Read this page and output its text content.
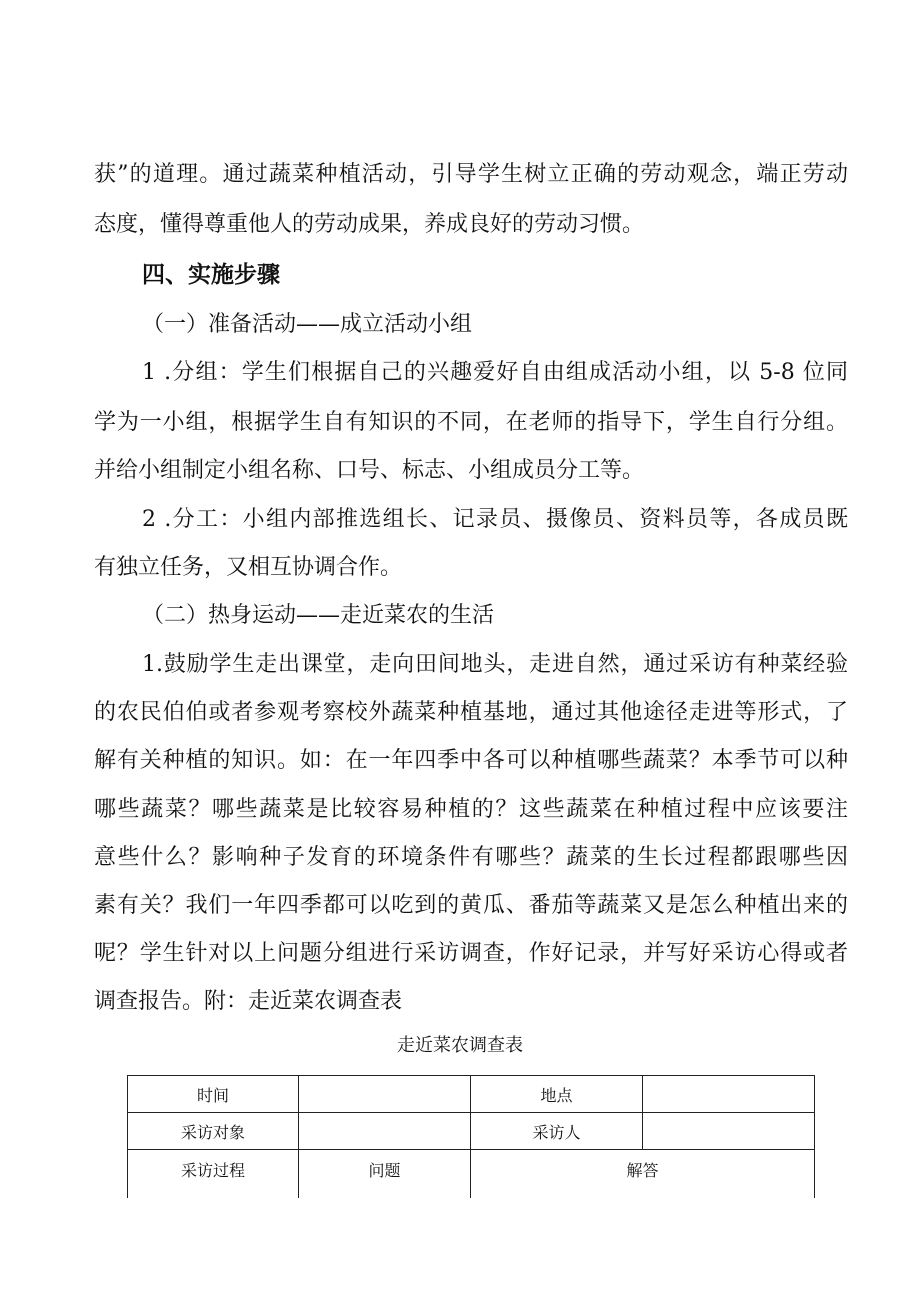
获”的道理。通过蔬菜种植活动，引导学生树立正确的劳动观念，端正劳动
态度，懂得尊重他人的劳动成果，养成良好的劳动习惯。
四、实施步骤
（一）准备活动——成立活动小组
1 .分组：学生们根据自己的兴趣爱好自由组成活动小组，以 5-8 位同
学为一小组，根据学生自有知识的不同，在老师的指导下，学生自行分组。
并给小组制定小组名称、口号、标志、小组成员分工等。
2 .分工：小组内部推选组长、记录员、摄像员、资料员等，各成员既
有独立任务，又相互协调合作。
（二）热身运动——走近菜农的生活
1.鼓励学生走出课堂，走向田间地头，走进自然，通过采访有种菜经验
的农民伯伯或者参观考察校外蔬菜种植基地，通过其他途径走进等形式，了
解有关种植的知识。如：在一年四季中各可以种植哪些蔬菜？本季节可以种
哪些蔬菜？哪些蔬菜是比较容易种植的？这些蔬菜在种植过程中应该要注
意些什么？影响种子发育的环境条件有哪些？蔬菜的生长过程都跟哪些因
素有关？我们一年四季都可以吃到的黄瓜、番茄等蔬菜又是怎么种植出来的
呢？学生针对以上问题分组进行采访调查，作好记录，并写好采访心得或者
调查报告。附：走近菜农调查表
走近菜农调查表
时间		地点	
采访对象		采访人	
采访过程	问题	解答	
